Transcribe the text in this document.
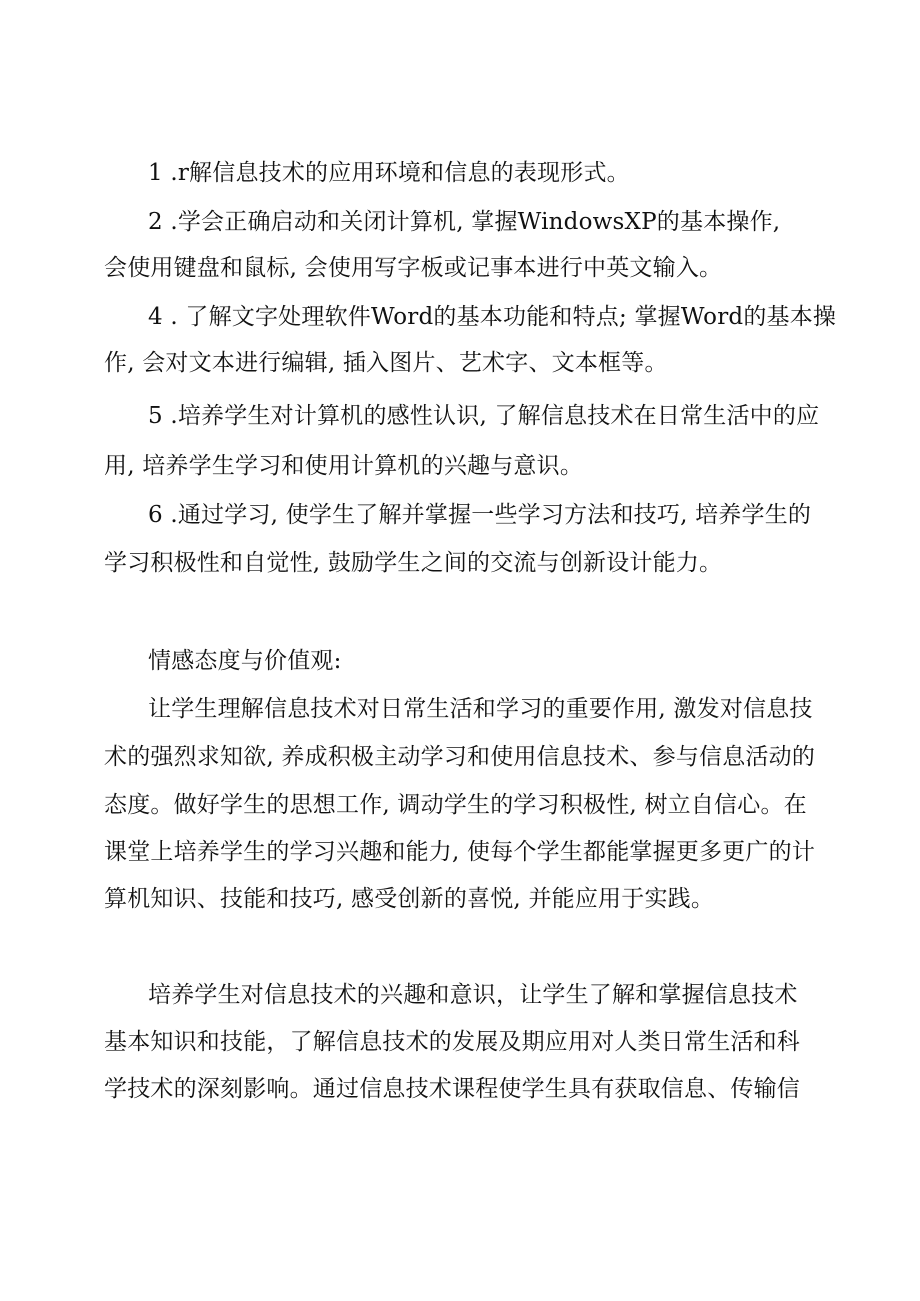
1 .r解信息技术的应用环境和信息的表现形式。
2 .学会正确启动和关闭计算机, 掌握WindowsXP的基本操作,
会使用键盘和鼠标, 会使用写字板或记事本进行中英文输入。
4 . 了解文字处理软件Word的基本功能和特点; 掌握Word的基本操
作, 会对文本进行编辑, 插入图片、艺术字、文本框等。
5 .培养学生对计算机的感性认识, 了解信息技术在日常生活中的应
用, 培养学生学习和使用计算机的兴趣与意识。
6 .通过学习, 使学生了解并掌握一些学习方法和技巧, 培养学生的
学习积极性和自觉性, 鼓励学生之间的交流与创新设计能力。
情感态度与价值观:
让学生理解信息技术对日常生活和学习的重要作用, 激发对信息技
术的强烈求知欲, 养成积极主动学习和使用信息技术、参与信息活动的
态度。做好学生的思想工作, 调动学生的学习积极性, 树立自信心。在
课堂上培养学生的学习兴趣和能力, 使每个学生都能掌握更多更广的计
算机知识、技能和技巧, 感受创新的喜悦, 并能应用于实践。
培养学生对信息技术的兴趣和意识，让学生了解和掌握信息技术
基本知识和技能，了解信息技术的发展及期应用对人类日常生活和科
学技术的深刻影响。通过信息技术课程使学生具有获取信息、传输信
